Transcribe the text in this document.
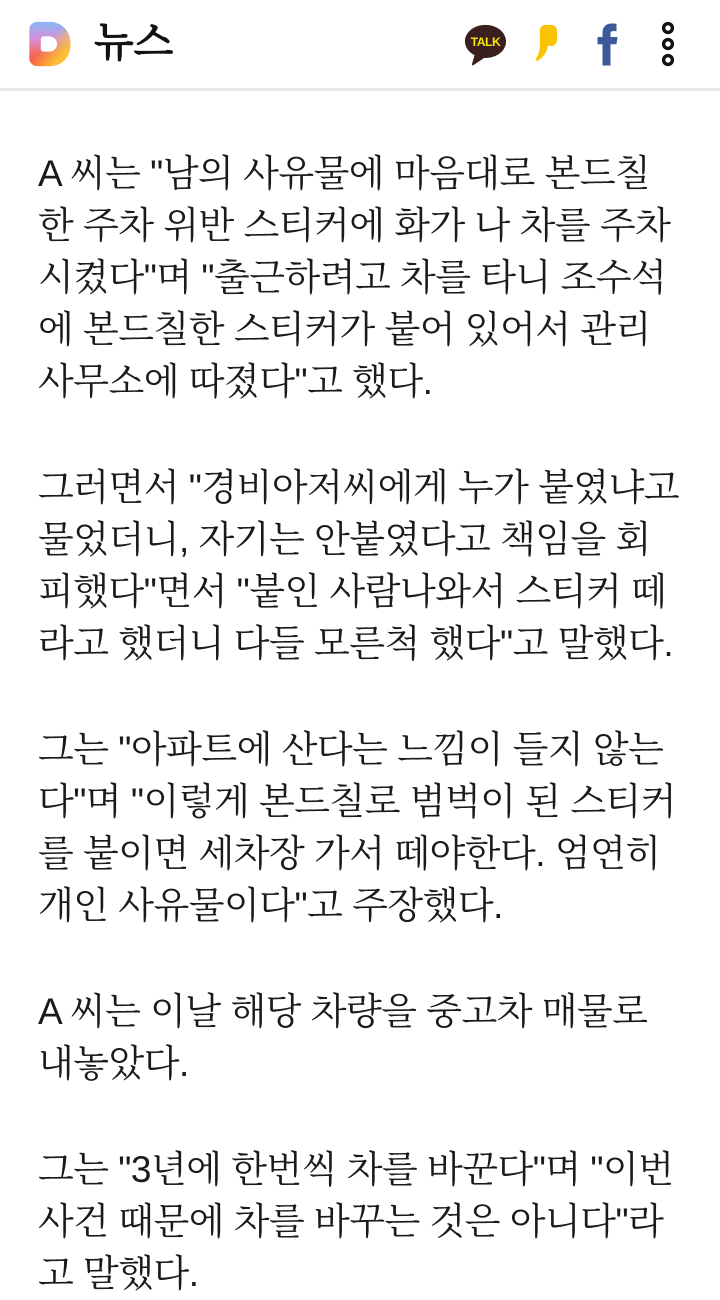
뉴스	TALK

A 씨는 "남의 사유물에 마음대로 본드칠 한 주차 위반 스티커에 화가 나 차를 주차시켰다"며 "출근하려고 차를 타니 조수석에 본드칠한 스티커가 붙어 있어서 관리사무소에 따졌다"고 했다.

그러면서 "경비아저씨에게 누가 붙였냐고 물었더니, 자기는 안붙였다고 책임을 회피했다"면서 "붙인 사람나와서 스티커 떼라고 했더니 다들 모른척 했다"고 말했다.

그는 "아파트에 산다는 느낌이 들지 않는다"며 "이렇게 본드칠로 범벅이 된 스티커를 붙이면 세차장 가서 떼야한다. 엄연히 개인 사유물이다"고 주장했다.

A 씨는 이날 해당 차량을 중고차 매물로 내놓았다.

그는 "3년에 한번씩 차를 바꾼다"며 "이번 사건 때문에 차를 바꾸는 것은 아니다"라고 말했다.
